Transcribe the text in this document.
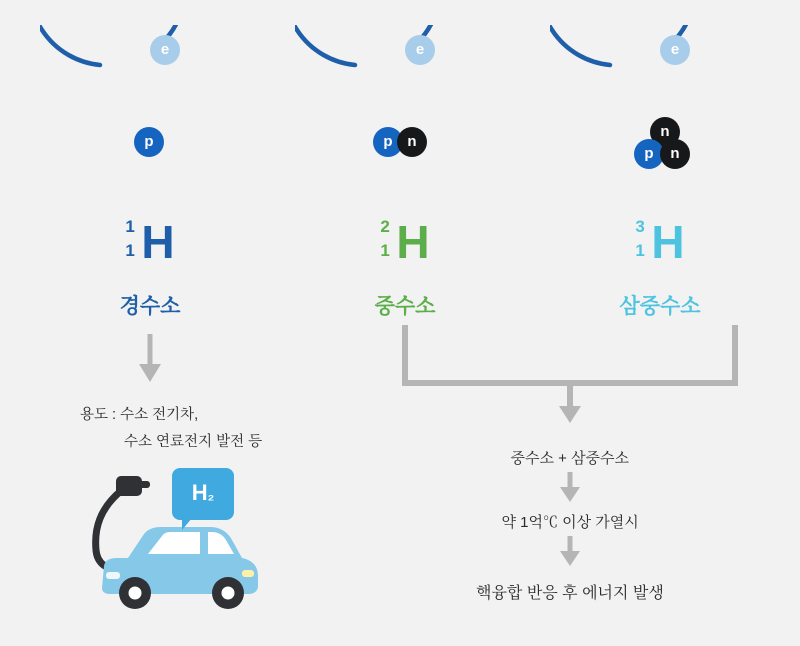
e
p
1
1 H
경수소
e
p n
2
1 H
중수소
e
n
p	n
3
1 H
삼중수소
용도 : 수소 전기차,
수소 연료전지 발전 등
H₂
중수소 + 삼중수소
약 1억℃ 이상 가열시
핵융합 반응 후 에너지 발생
